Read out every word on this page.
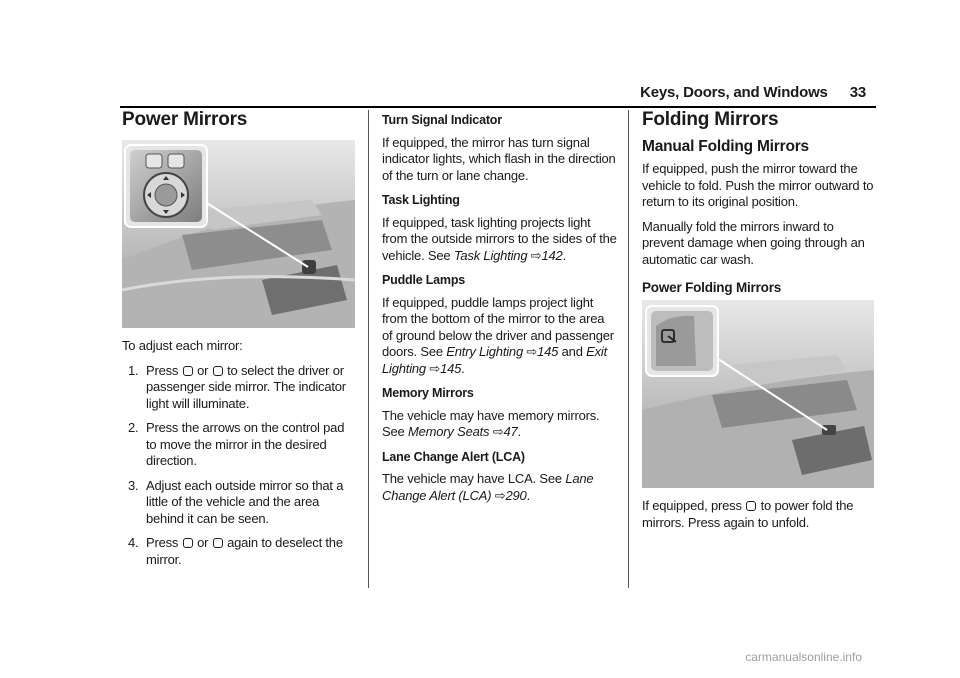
Keys, Doors, and Windows 33
Power Mirrors

To adjust each mirror:

1. Press or to select the driver or passenger side mirror. The indicator light will illuminate.
2. Press the arrows on the control pad to move the mirror in the desired direction.
3. Adjust each outside mirror so that a little of the vehicle and the area behind it can be seen.
4. Press or again to deselect the mirror.
Turn Signal Indicator

If equipped, the mirror has turn signal indicator lights, which flash in the direction of the turn or lane change.

Task Lighting

If equipped, task lighting projects light from the outside mirrors to the sides of the vehicle. See Task Lighting ⇨142.

Puddle Lamps

If equipped, puddle lamps project light from the bottom of the mirror to the area of ground below the driver and passenger doors. See Entry Lighting ⇨145 and Exit Lighting ⇨145.

Memory Mirrors

The vehicle may have memory mirrors. See Memory Seats ⇨47.

Lane Change Alert (LCA)

The vehicle may have LCA. See Lane Change Alert (LCA) ⇨290.

Folding Mirrors
Manual Folding Mirrors

If equipped, push the mirror toward the vehicle to fold. Push the mirror outward to return to its original position.

Manually fold the mirrors inward to prevent damage when going through an automatic car wash.

Power Folding Mirrors

If equipped, press to power fold the mirrors. Press again to unfold.

carmanualsonline.info
